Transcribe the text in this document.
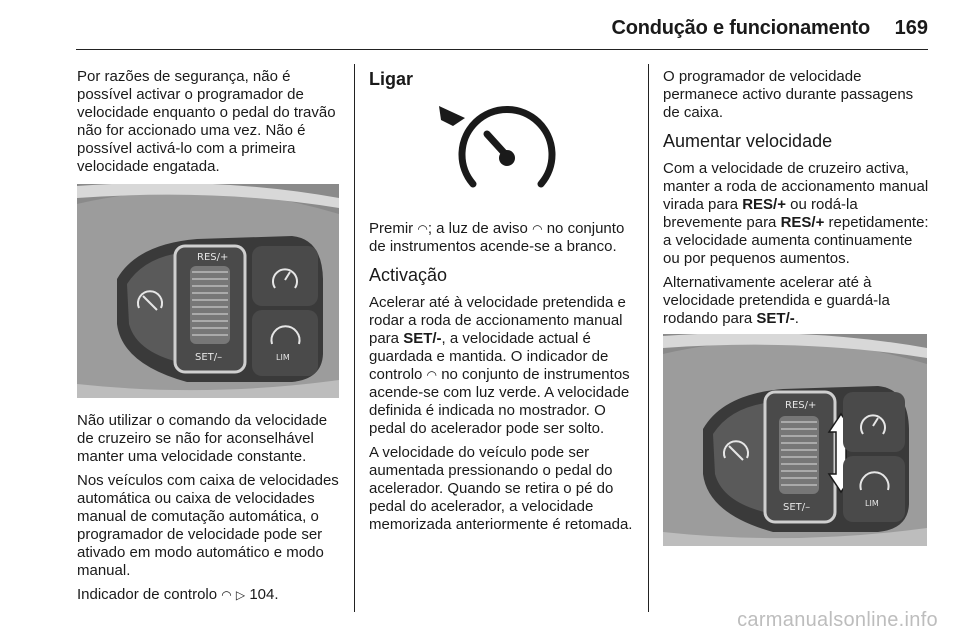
Condução e funcionamento 169

Por razões de segurança, não é possível activar o programador de velocidade enquanto o pedal do travão não for accionado uma vez. Não é possível activá-lo com a primeira velocidade engatada.

RES/+
SET/–	LIM

Não utilizar o comando da velocidade de cruzeiro se não for aconselhável manter uma velocidade constante.

Nos veículos com caixa de velocidades automática ou caixa de velocidades manual de comutação automática, o programador de velocidade pode ser ativado em modo automático e modo manual.

Indicador de controlo ◠ ▷ 104.

Ligar

Premir ◠; a luz de aviso ◠ no conjunto de instrumentos acende-se a branco.

Activação

Acelerar até à velocidade pretendida e rodar a roda de accionamento manual para SET/-, a velocidade actual é guardada e mantida. O indicador de controlo ◠ no conjunto de instrumentos acende-se com luz verde. A velocidade definida é indicada no mostrador. O pedal do acelerador pode ser solto.

A velocidade do veículo pode ser aumentada pressionando o pedal do acelerador. Quando se retira o pé do pedal do acelerador, a velocidade memorizada anteriormente é retomada.

O programador de velocidade permanece activo durante passagens de caixa.

Aumentar velocidade

Com a velocidade de cruzeiro activa, manter a roda de accionamento manual virada para RES/+ ou rodá-la brevemente para RES/+ repetidamente: a velocidade aumenta continuamente ou por pequenos aumentos.

Alternativamente acelerar até à velocidade pretendida e guardá-la rodando para SET/-.

RES/+
SET/–	LIM
carmanualsonline.info
